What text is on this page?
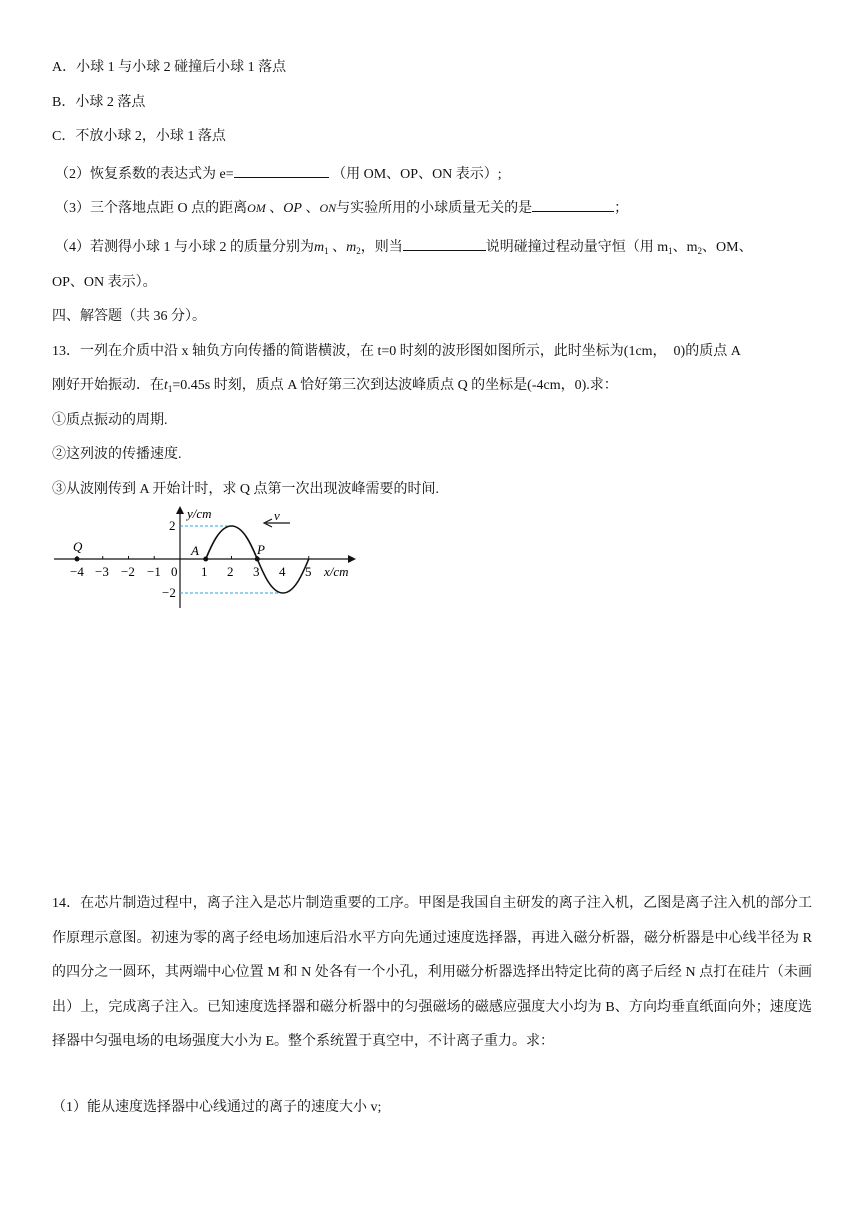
A．小球 1 与小球 2 碰撞后小球 1 落点
B．小球 2 落点
C．不放小球 2，小球 1 落点
（2）恢复系数的表达式为 e=	（用 OM、OP、ON 表示）;
（3）三个落地点距 O 点的距离OM 、OP 、ON与实验所用的小球质量无关的是	；
（4）若测得小球 1 与小球 2 的质量分别为$m_1$ 、$m_2$，则当	说明碰撞过程动量守恒（用 $m_1$、$m_2$、OM、
OP、ON 表示）。
四、解答题（共 36 分）。
13．一列在介质中沿 x 轴负方向传播的简谐横波，在 t=0 时刻的波形图如图所示，此时坐标为(1cm，　0)的质点 A
刚好开始振动．在$t_1=0.45s$ 时刻，质点 A 恰好第三次到达波峰质点 Q 的坐标是(-4cm，0).求：
①质点振动的周期.
②这列波的传播速度.
③从波刚传到 A 开始计时，求 Q 点第一次出现波峰需要的时间.
v
y/cm
x/cm
2
−2
0
Q	A	P
−4 −3 −2 −1	1 2 3 4 5
14．在芯片制造过程中，离子注入是芯片制造重要的工序。甲图是我国自主研发的离子注入机，乙图是离子注入机的部分工作原理示意图。初速为零的离子经电场加速后沿水平方向先通过速度选择器，再进入磁分析器，磁分析器是中心线半径为 R 的四分之一圆环，其两端中心位置 M 和 N 处各有一个小孔，利用磁分析器选择出特定比荷的离子后经 N 点打在硅片（未画出）上，完成离子注入。已知速度选择器和磁分析器中的匀强磁场的磁感应强度大小均为 B、方向均垂直纸面向外；速度选择器中匀强电场的电场强度大小为 E。整个系统置于真空中，不计离子重力。求：
（1）能从速度选择器中心线通过的离子的速度大小 v;
